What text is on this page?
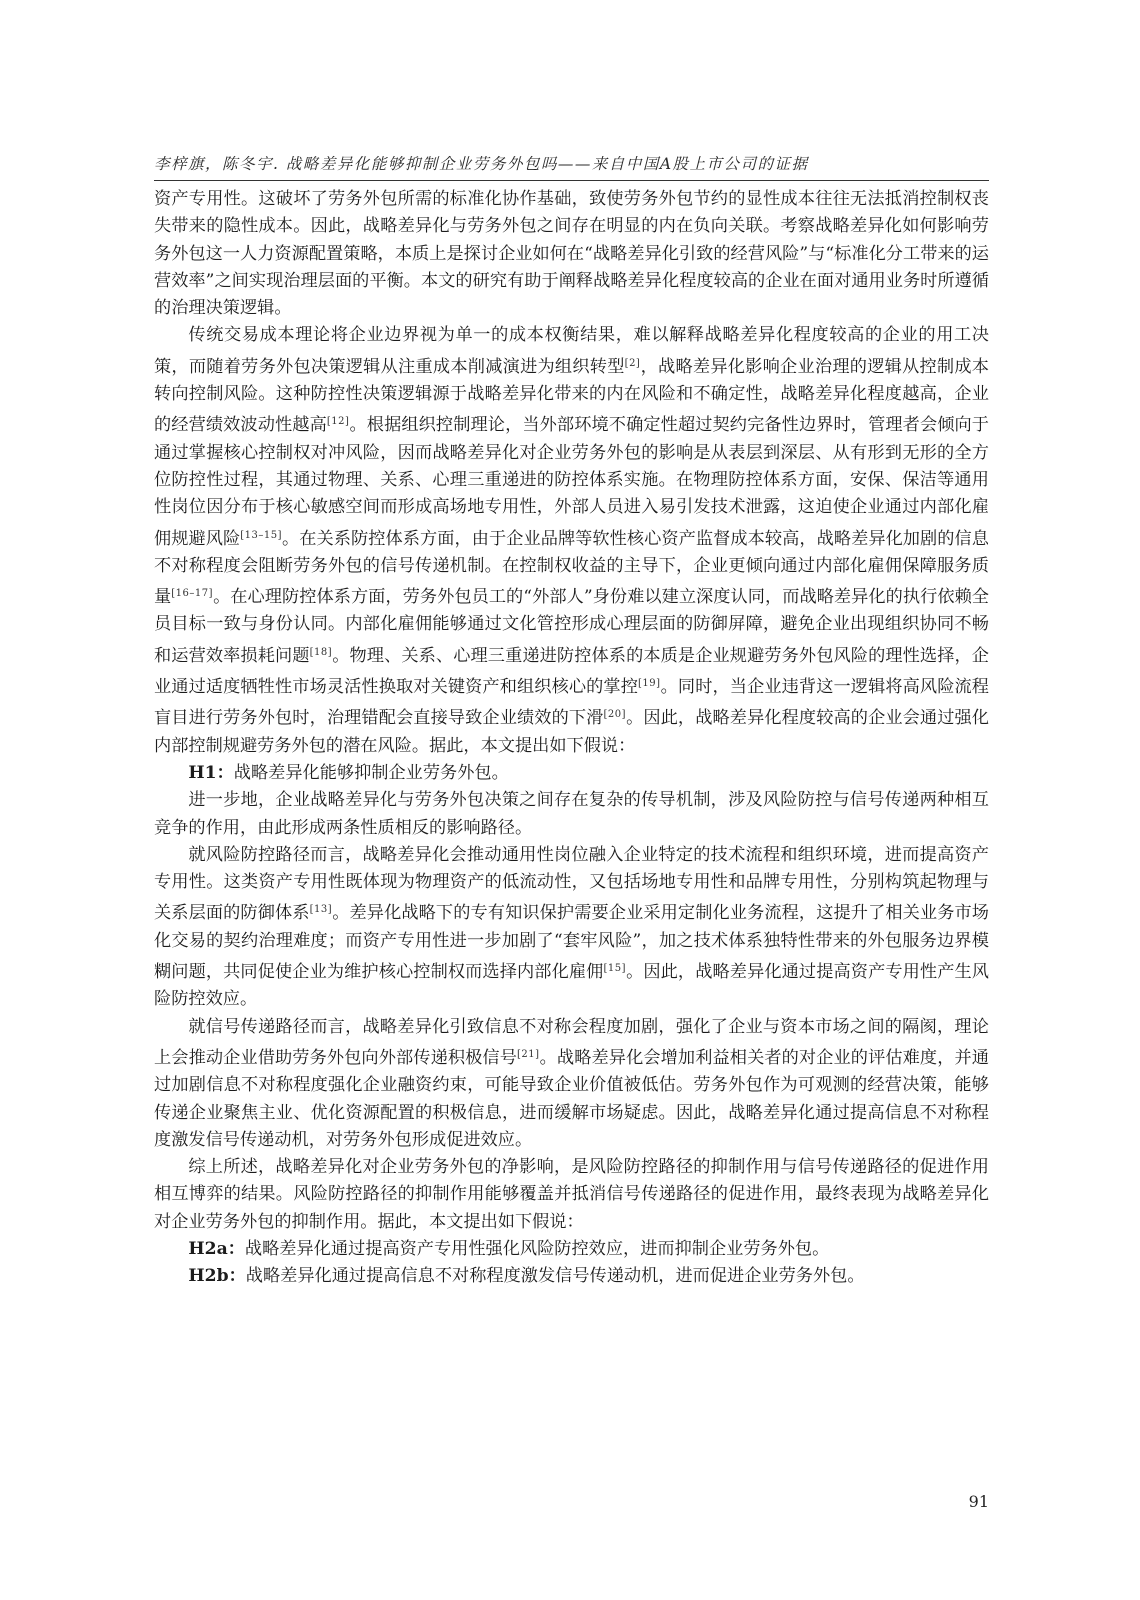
李梓旗，陈冬宇. 战略差异化能够抑制企业劳务外包吗——来自中国A股上市公司的证据

资产专用性。这破坏了劳务外包所需的标准化协作基础，致使劳务外包节约的显性成本往往无法抵消控制权丧失带来的隐性成本。因此，战略差异化与劳务外包之间存在明显的内在负向关联。考察战略差异化如何影响劳务外包这一人力资源配置策略，本质上是探讨企业如何在“战略差异化引致的经营风险”与“标准化分工带来的运营效率”之间实现治理层面的平衡。本文的研究有助于阐释战略差异化程度较高的企业在面对通用业务时所遵循的治理决策逻辑。

传统交易成本理论将企业边界视为单一的成本权衡结果，难以解释战略差异化程度较高的企业的用工决策，而随着劳务外包决策逻辑从注重成本削减演进为组织转型[2]，战略差异化影响企业治理的逻辑从控制成本转向控制风险。这种防控性决策逻辑源于战略差异化带来的内在风险和不确定性，战略差异化程度越高，企业的经营绩效波动性越高[12]。根据组织控制理论，当外部环境不确定性超过契约完备性边界时，管理者会倾向于通过掌握核心控制权对冲风险，因而战略差异化对企业劳务外包的影响是从表层到深层、从有形到无形的全方位防控性过程，其通过物理、关系、心理三重递进的防控体系实施。在物理防控体系方面，安保、保洁等通用性岗位因分布于核心敏感空间而形成高场地专用性，外部人员进入易引发技术泄露，这迫使企业通过内部化雇佣规避风险[13–15]。在关系防控体系方面，由于企业品牌等软性核心资产监督成本较高，战略差异化加剧的信息不对称程度会阻断劳务外包的信号传递机制。在控制权收益的主导下，企业更倾向通过内部化雇佣保障服务质量[16–17]。在心理防控体系方面，劳务外包员工的“外部人”身份难以建立深度认同，而战略差异化的执行依赖全员目标一致与身份认同。内部化雇佣能够通过文化管控形成心理层面的防御屏障，避免企业出现组织协同不畅和运营效率损耗问题[18]。物理、关系、心理三重递进防控体系的本质是企业规避劳务外包风险的理性选择，企业通过适度牺牲性市场灵活性换取对关键资产和组织核心的掌控[19]。同时，当企业违背这一逻辑将高风险流程盲目进行劳务外包时，治理错配会直接导致企业绩效的下滑[20]。因此，战略差异化程度较高的企业会通过强化内部控制规避劳务外包的潜在风险。据此，本文提出如下假说：

H1：战略差异化能够抑制企业劳务外包。

进一步地，企业战略差异化与劳务外包决策之间存在复杂的传导机制，涉及风险防控与信号传递两种相互竞争的作用，由此形成两条性质相反的影响路径。

就风险防控路径而言，战略差异化会推动通用性岗位融入企业特定的技术流程和组织环境，进而提高资产专用性。这类资产专用性既体现为物理资产的低流动性，又包括场地专用性和品牌专用性，分别构筑起物理与关系层面的防御体系[13]。差异化战略下的专有知识保护需要企业采用定制化业务流程，这提升了相关业务市场化交易的契约治理难度；而资产专用性进一步加剧了“套牢风险”，加之技术体系独特性带来的外包服务边界模糊问题，共同促使企业为维护核心控制权而选择内部化雇佣[15]。因此，战略差异化通过提高资产专用性产生风险防控效应。

就信号传递路径而言，战略差异化引致信息不对称会程度加剧，强化了企业与资本市场之间的隔阂，理论上会推动企业借助劳务外包向外部传递积极信号[21]。战略差异化会增加利益相关者的对企业的评估难度，并通过加剧信息不对称程度强化企业融资约束，可能导致企业价值被低估。劳务外包作为可观测的经营决策，能够传递企业聚焦主业、优化资源配置的积极信息，进而缓解市场疑虑。因此，战略差异化通过提高信息不对称程度激发信号传递动机，对劳务外包形成促进效应。

综上所述，战略差异化对企业劳务外包的净影响，是风险防控路径的抑制作用与信号传递路径的促进作用相互博弈的结果。风险防控路径的抑制作用能够覆盖并抵消信号传递路径的促进作用，最终表现为战略差异化对企业劳务外包的抑制作用。据此，本文提出如下假说：

H2a：战略差异化通过提高资产专用性强化风险防控效应，进而抑制企业劳务外包。

H2b：战略差异化通过提高信息不对称程度激发信号传递动机，进而促进企业劳务外包。

91
